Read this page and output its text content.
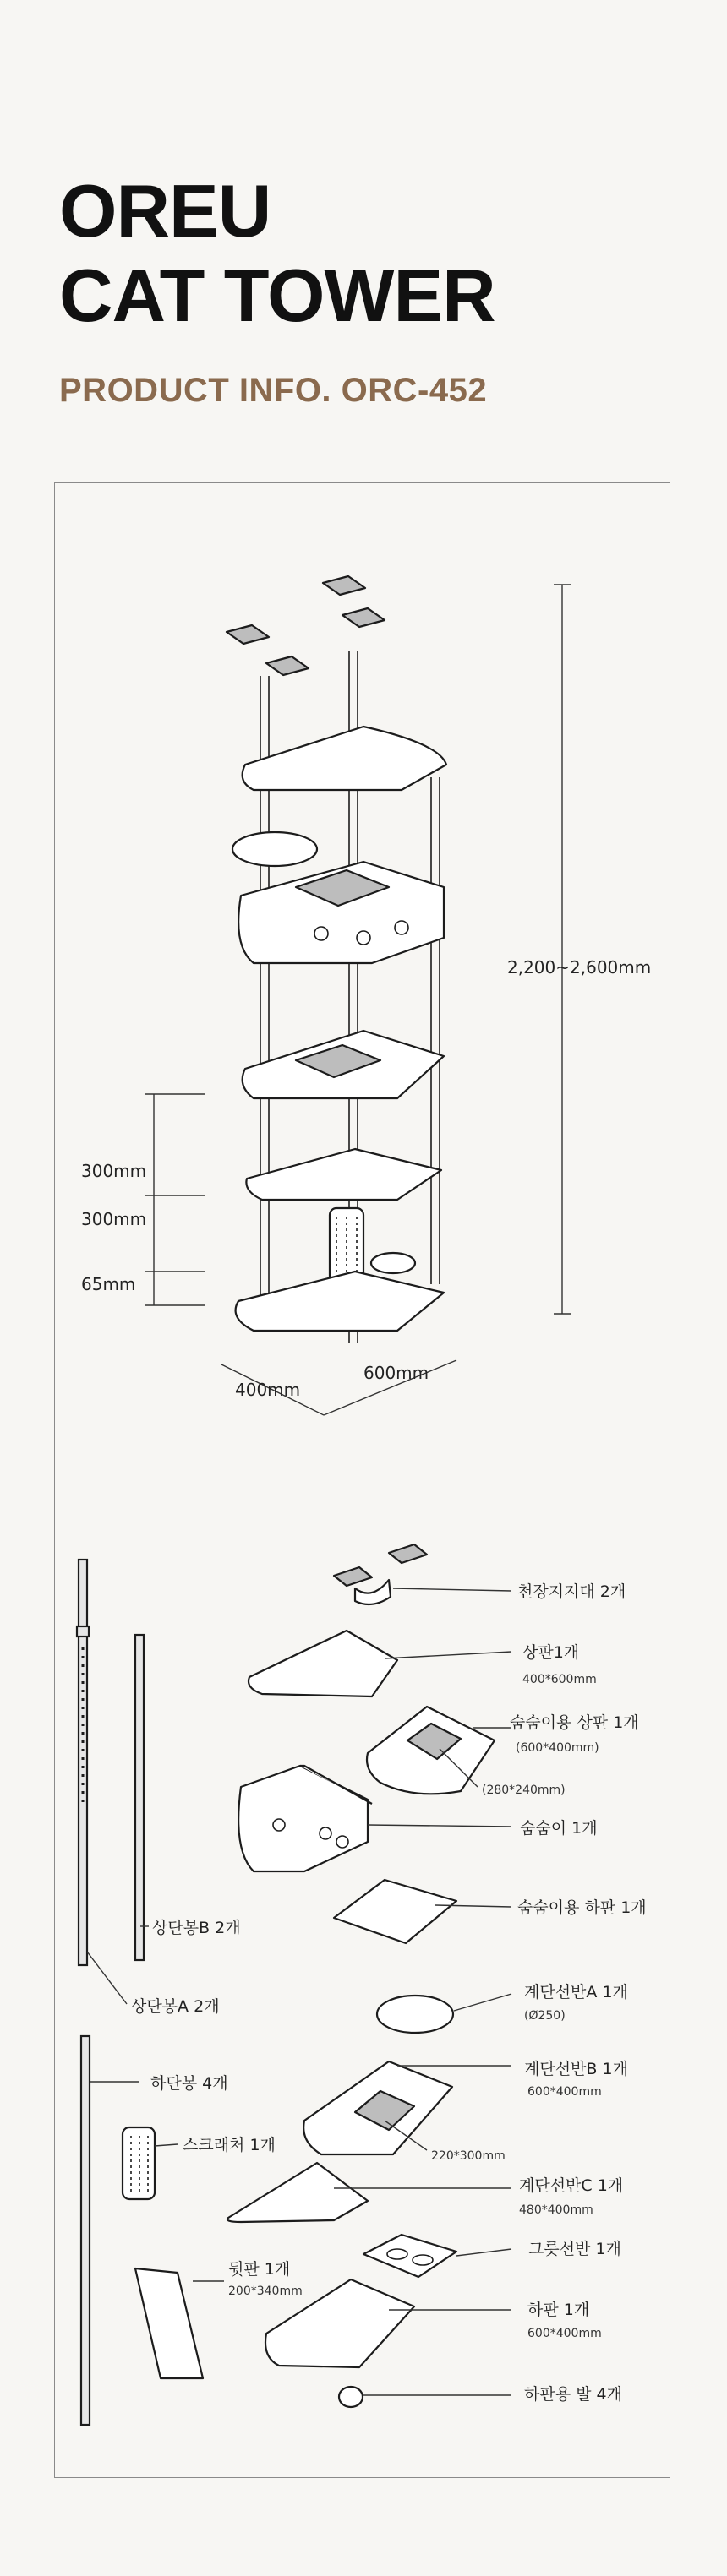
OREU
CAT TOWER
PRODUCT INFO. ORC-452
2,200~2,600mm
300mm
300mm
65mm
400mm
600mm
천장지지대 2개
상판1개
400*600mm
숨숨이용 상판 1개
(600*400mm)
(280*240mm)
숨숨이 1개
숨숨이용 하판 1개
계단선반A 1개
(Ø250)
계단선반B 1개
600*400mm
220*300mm
계단선반C 1개
480*400mm
그릇선반 1개
하판 1개
600*400mm
하판용 발 4개
상단봉B 2개
상단봉A 2개
하단봉 4개
스크래처 1개
뒷판 1개
200*340mm
